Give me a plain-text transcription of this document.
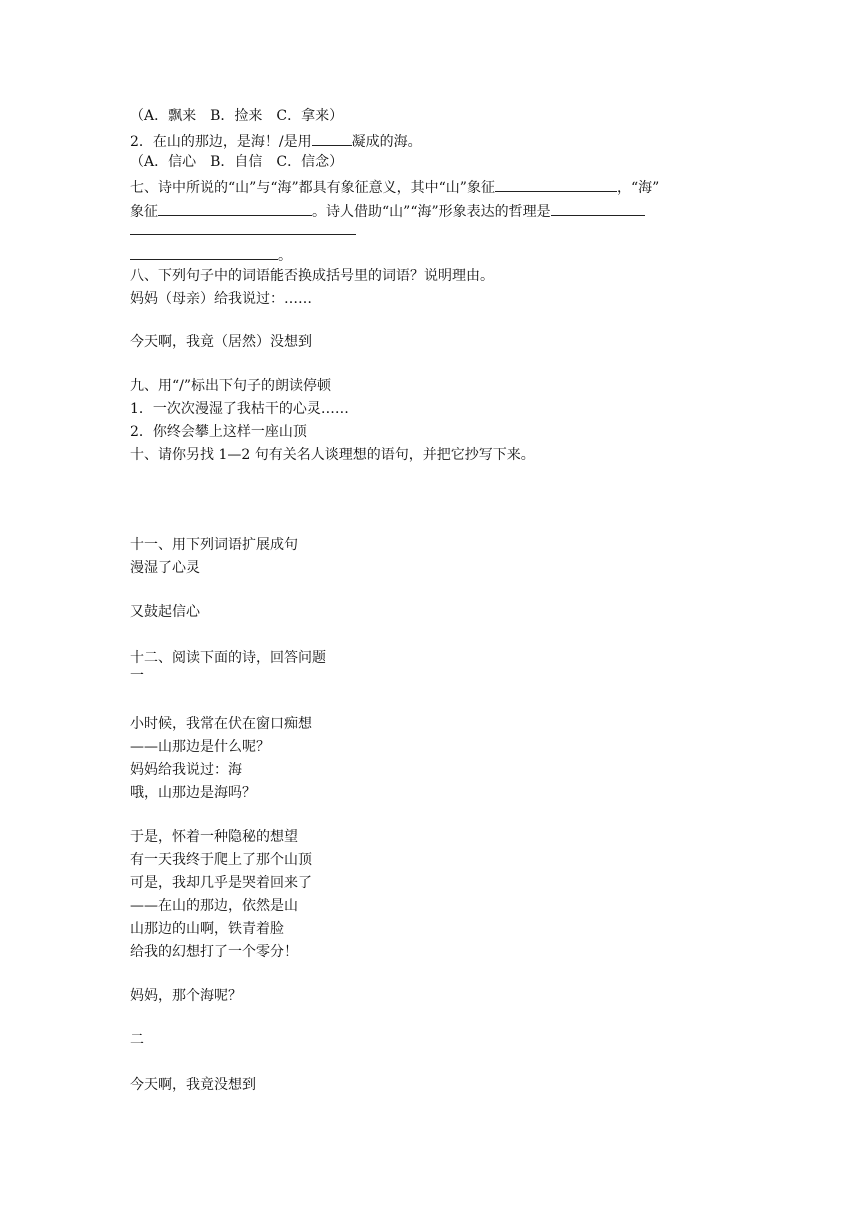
（A．飘来　B．捡来　C．拿来）
2．在山的那边，是海！/是用	凝成的海。
（A．信心　B．自信　C．信念）
七、诗中所说的“山”与“海”都具有象征意义，其中“山”象征	，“海”
象征	。诗人借助“山”“海”形象表达的哲理是
。
八、下列句子中的词语能否换成括号里的词语？说明理由。
妈妈（母亲）给我说过：……
今天啊，我竟（居然）没想到
九、用“/”标出下句子的朗读停顿
1．一次次漫湿了我枯干的心灵……
2．你终会攀上这样一座山顶
十、请你另找 1—2 句有关名人谈理想的语句，并把它抄写下来。
十一、用下列词语扩展成句
漫湿了心灵
又鼓起信心
十二、阅读下面的诗，回答问题
一
小时候，我常在伏在窗口痴想
——山那边是什么呢？
妈妈给我说过：海
哦，山那边是海吗？
于是，怀着一种隐秘的想望
有一天我终于爬上了那个山顶
可是，我却几乎是哭着回来了
——在山的那边，依然是山
山那边的山啊，铁青着脸
给我的幻想打了一个零分！
妈妈，那个海呢？
二
今天啊，我竟没想到
